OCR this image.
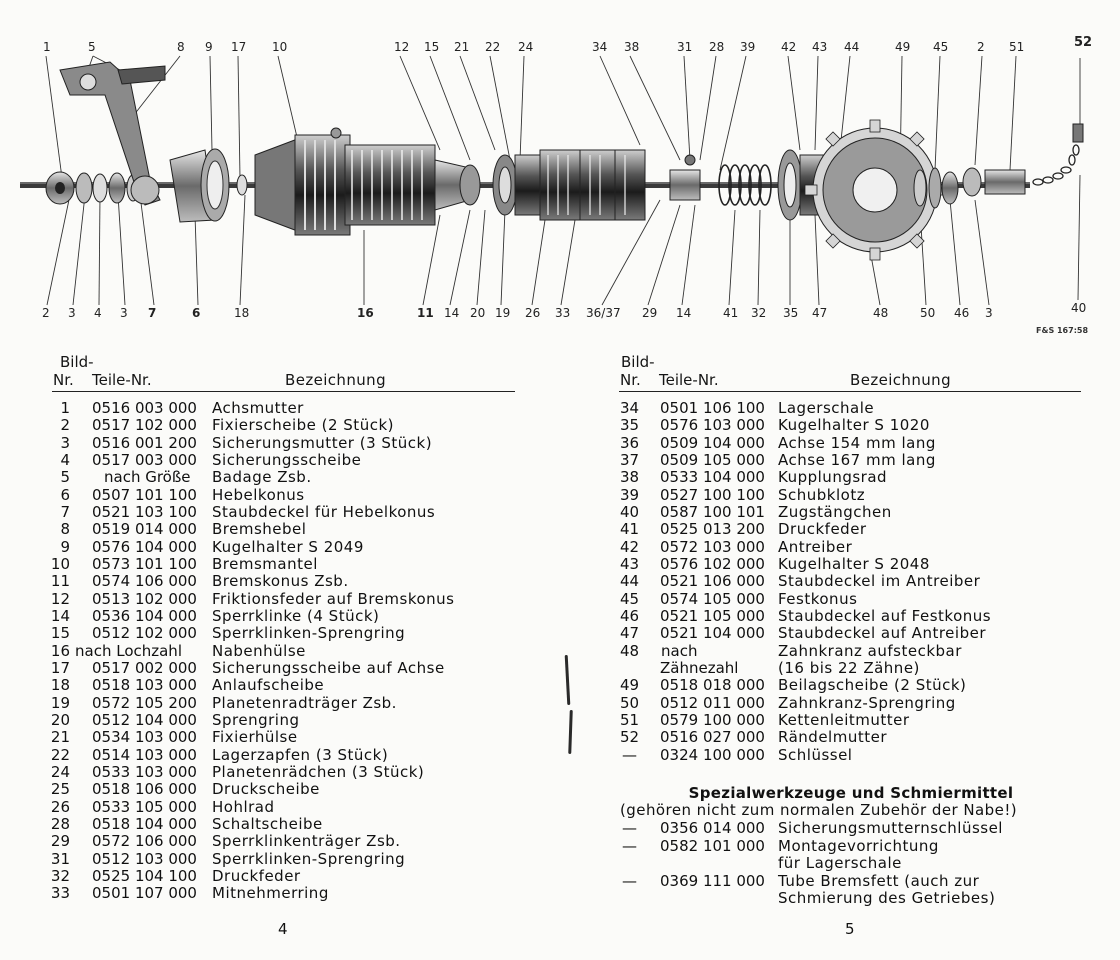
1	5	8 9 17 10	12 15 21 22 24	34 38	31 28 39 42 43 44	49 45 2 51	52
2 3 4 3 7	6	18	16	11 14 20 19 26 33 36/37 29 14	41 32 35 47	48	50 46 3	40
F&S 167:58
Bild-
Nr. Teile-Nr.	Bezeichnung
1 0516 003 000 Achsmutter
2 0517 102 000 Fixierscheibe (2 Stück)
3 0516 001 200 Sicherungsmutter (3 Stück)
4 0517 003 000 Sicherungsscheibe
5 nach Größe Badage Zsb.
6 0507 101 100 Hebelkonus
7 0521 103 100 Staubdeckel für Hebelkonus
8 0519 014 000 Bremshebel
9 0576 104 000 Kugelhalter S 2049
10 0573 101 100 Bremsmantel
11 0574 106 000 Bremskonus Zsb.
12 0513 102 000 Friktionsfeder auf Bremskonus
14 0536 104 000 Sperrklinke (4 Stück)
15 0512 102 000 Sperrklinken-Sprengring
16 nach Lochzahl Nabenhülse
17 0517 002 000 Sicherungsscheibe auf Achse
18 0518 103 000 Anlaufscheibe
19 0572 105 200 Planetenradträger Zsb.
20 0512 104 000 Sprengring
21 0534 103 000 Fixierhülse
22 0514 103 000 Lagerzapfen (3 Stück)
24 0533 103 000 Planetenrädchen (3 Stück)
25 0518 106 000 Druckscheibe
26 0533 105 000 Hohlrad
28 0518 104 000 Schaltscheibe
29 0572 106 000 Sperrklinkenträger Zsb.
31 0512 103 000 Sperrklinken-Sprengring
32 0525 104 100 Druckfeder
33 0501 107 000 Mitnehmerring
Bild-
Nr. Teile-Nr.	Bezeichnung
34 0501 106 100 Lagerschale
35 0576 103 000 Kugelhalter S 1020
36 0509 104 000 Achse 154 mm lang
37 0509 105 000 Achse 167 mm lang
38 0533 104 000 Kupplungsrad
39 0527 100 100 Schubklotz
40 0587 100 101 Zugstängchen
41 0525 013 200 Druckfeder
42 0572 103 000 Antreiber
43 0576 102 000 Kugelhalter S 2048
44 0521 106 000 Staubdeckel im Antreiber
45 0574 105 000 Festkonus
46 0521 105 000 Staubdeckel auf Festkonus
47 0521 104 000 Staubdeckel auf Antreiber
48 nach	Zahnkranz aufsteckbar
Zähnezahl	(16 bis 22 Zähne)
49 0518 018 000 Beilagscheibe (2 Stück)
50 0512 011 000 Zahnkranz-Sprengring
51 0579 100 000 Kettenleitmutter
52 0516 027 000 Rändelmutter
— 0324 100 000 Schlüssel
Spezialwerkzeuge und Schmiermittel
(gehören nicht zum normalen Zubehör der Nabe!)
— 0356 014 000 Sicherungsmutternschlüssel
— 0582 101 000 Montagevorrichtung
für Lagerschale
— 0369 111 000 Tube Bremsfett (auch zur
Schmierung des Getriebes)
4	5
